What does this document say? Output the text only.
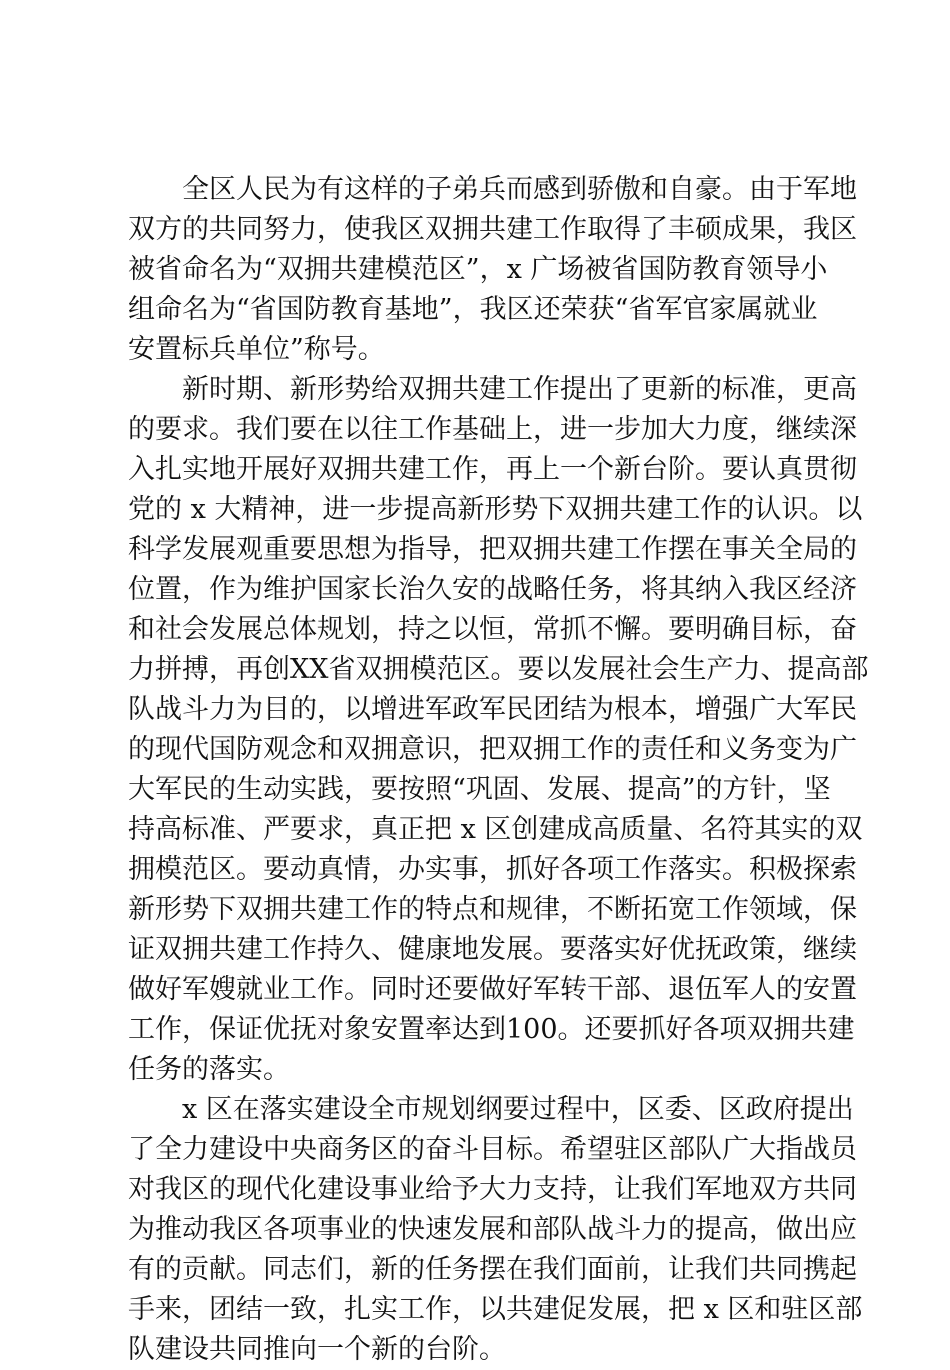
全区人民为有这样的子弟兵而感到骄傲和自豪。由于军地
双方的共同努力，使我区双拥共建工作取得了丰硕成果，我区
被省命名为“双拥共建模范区”，x 广场被省国防教育领导小
组命名为“省国防教育基地”，我区还荣获“省军官家属就业
安置标兵单位”称号。
新时期、新形势给双拥共建工作提出了更新的标准，更高
的要求。我们要在以往工作基础上，进一步加大力度，继续深
入扎实地开展好双拥共建工作，再上一个新台阶。要认真贯彻
党的 x 大精神，进一步提高新形势下双拥共建工作的认识。以
科学发展观重要思想为指导，把双拥共建工作摆在事关全局的
位置，作为维护国家长治久安的战略任务，将其纳入我区经济
和社会发展总体规划，持之以恒，常抓不懈。要明确目标，奋
力拼搏，再创XX省双拥模范区。要以发展社会生产力、提高部
队战斗力为目的，以增进军政军民团结为根本，增强广大军民
的现代国防观念和双拥意识，把双拥工作的责任和义务变为广
大军民的生动实践，要按照“巩固、发展、提高”的方针，坚
持高标准、严要求，真正把 x 区创建成高质量、名符其实的双
拥模范区。要动真情，办实事，抓好各项工作落实。积极探索
新形势下双拥共建工作的特点和规律，不断拓宽工作领域，保
证双拥共建工作持久、健康地发展。要落实好优抚政策，继续
做好军嫂就业工作。同时还要做好军转干部、退伍军人的安置
工作，保证优抚对象安置率达到100。还要抓好各项双拥共建
任务的落实。
x 区在落实建设全市规划纲要过程中，区委、区政府提出
了全力建设中央商务区的奋斗目标。希望驻区部队广大指战员
对我区的现代化建设事业给予大力支持，让我们军地双方共同
为推动我区各项事业的快速发展和部队战斗力的提高，做出应
有的贡献。同志们，新的任务摆在我们面前，让我们共同携起
手来，团结一致，扎实工作，以共建促发展，把 x 区和驻区部
队建设共同推向一个新的台阶。
